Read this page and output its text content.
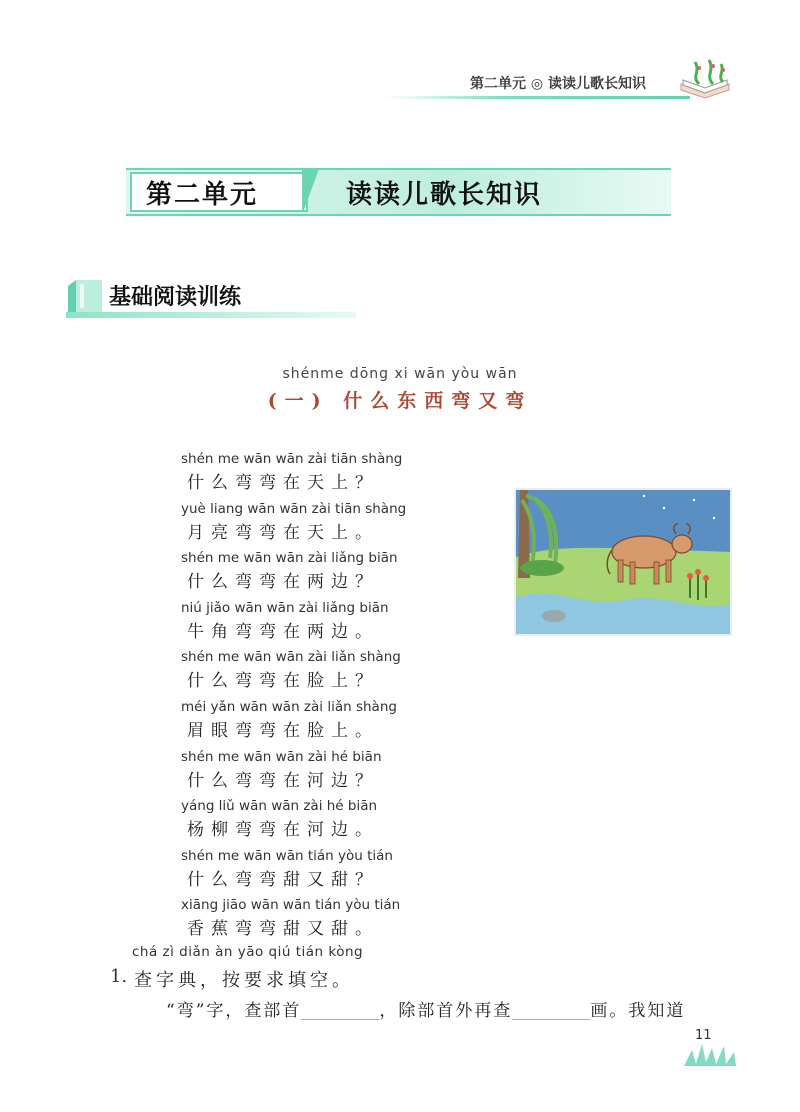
第二单元 ◎ 读读儿歌长知识
第二单元	读读儿歌长知识
基础阅读训练
shénme dōng xi wān yòu wān
(一) 什么东西弯又弯
shén me wān wān zài tiān shàng
什么弯弯在天上？
yuè liang wān wān zài tiān shàng
月亮弯弯在天上。
shén me wān wān zài liǎng biān
什么弯弯在两边？
niú jiǎo wān wān zài liǎng biān
牛角弯弯在两边。
shén me wān wān zài liǎn shàng
什么弯弯在脸上？
méi yǎn wān wān zài liǎn shàng
眉眼弯弯在脸上。
shén me wān wān zài hé biān
什么弯弯在河边？
yáng liǔ wān wān zài hé biān
杨柳弯弯在河边。
shén me wān wān tián yòu tián
什么弯弯甜又甜？
xiāng jiāo wān wān tián yòu tián
香蕉弯弯甜又甜。
chá zì diǎn àn yāo qiú tián kòng
1. 查字典，按要求填空。
“弯”字，查部首	，除部首外再查	画。我知道
11
